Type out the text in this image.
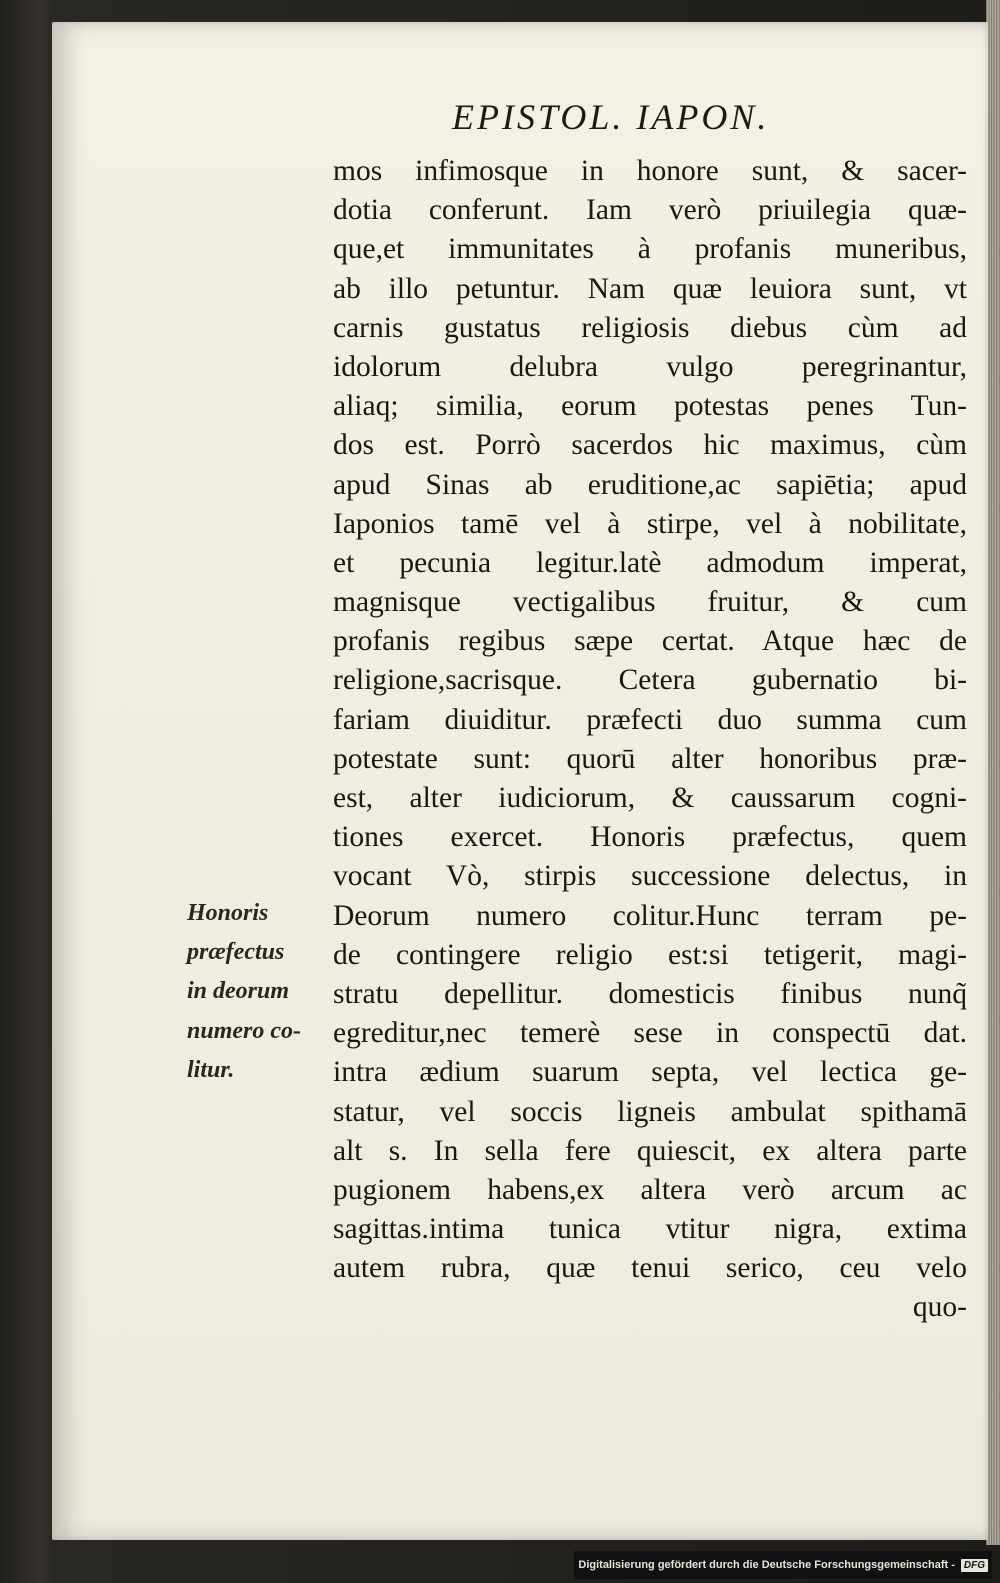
EPISTOL. IAPON.
mos infimosque in honore sunt, & sacer-
dotia conferunt. Iam verò priuilegia quæ-
que,et immunitates à profanis muneribus,
ab illo petuntur. Nam quæ leuiora sunt, vt
carnis gustatus religiosis diebus cùm ad
idolorum delubra vulgo peregrinantur,
aliaq; similia, eorum potestas penes Tun-
dos est. Porrò sacerdos hic maximus, cùm
apud Sinas ab eruditione,ac sapiētia; apud
Iaponios tamē vel à stirpe, vel à nobilitate,
et pecunia legitur.latè admodum imperat,
magnisque vectigalibus fruitur, & cum
profanis regibus sæpe certat. Atque hæc de
religione,sacrisque. Cetera gubernatio bi-
fariam diuiditur. præfecti duo summa cum
potestate sunt: quorū alter honoribus præ-
est, alter iudiciorum, & caussarum cogni-
tiones exercet. Honoris præfectus, quem
vocant Vò, stirpis successione delectus, in
Deorum numero colitur.Hunc terram pe-
de contingere religio est:si tetigerit, magi-
stratu depellitur. domesticis finibus nunq̃
egreditur,nec temerè sese in conspectū dat.
intra ædium suarum septa, vel lectica ge-
statur, vel soccis ligneis ambulat spithamā
alt s. In sella fere quiescit, ex altera parte
pugionem habens,ex altera verò arcum ac
sagittas.intima tunica vtitur nigra, extima
autem rubra, quæ tenui serico, ceu velo
quo-
Honoris
præfectus
in deorum
numero co-
litur.
Digitalisierung gefördert durch die Deutsche Forschungsgemeinschaft - DFG
